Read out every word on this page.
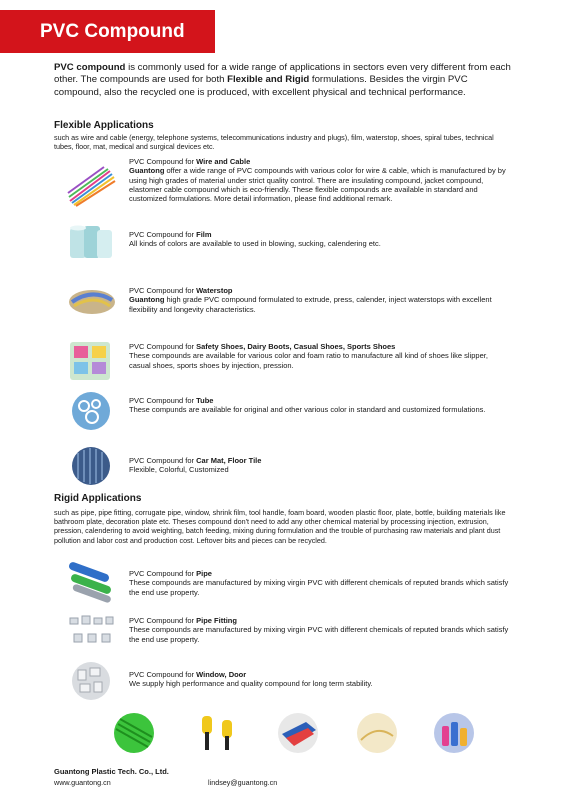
PVC Compound
PVC compound is commonly used for a wide range of applications in sectors even very different from each other. The compounds are used for both Flexible and Rigid formulations. Besides the virgin PVC compound, also the recycled one is produced, with excellent physical and technical performance.
Flexible Applications
such as wire and cable (energy, telephone systems, telecommunications industry and plugs), film, waterstop, shoes, spiral tubes, technical tubes, floor, mat, medical and surgical devices etc.
PVC Compound for Wire and Cable
Guantong offer a wide range of PVC compounds with various color for wire & cable, which is manufactured by by using high grades of material under strict quality control. There are insulating compound, jacket compound, elastomer cable compound which is eco-friendly. These flexible compounds are available in standard and customized formulations. More detail information, please find additional remark.
PVC Compound for Film
All kinds of colors are available to used in blowing, sucking, calendering etc.
PVC Compound for Waterstop
Guantong high grade PVC compound formulated to extrude, press, calender, inject waterstops with excellent flexibility and longevity characteristics.
PVC Compound for Safety Shoes, Dairy Boots, Casual Shoes, Sports Shoes
These compounds are available for various color and foam ratio to manufacture all kind of shoes like slipper, casual shoes, sports shoes by injection, pression.
PVC Compound for Tube
These compunds are available for original and other various color in standard and customized formulations.
PVC Compound for Car Mat, Floor Tile
Flexible, Colorful, Customized
Rigid Applications
such as pipe, pipe fitting, corrugate pipe, window, shrink film, tool handle, foam board, wooden plastic floor, plate, bottle, building materials like bathroom plate, decoration plate etc. Theses compound don't need to add any other chemical material by processing injection, extrusion, pression, calendering to avoid weighting, batch feeding, mixing during formulation and the trouble of purchasing raw materials and plant dust pollution and labor cost and production cost. Leftover bits and pieces can be recycled.
PVC Compound for Pipe
These compounds are manufactured by mixing virgin PVC with different chemicals of reputed brands which satisfy the end use property.
PVC Compound for Pipe Fitting
These compounds are manufactured by mixing virgin PVC with different chemicals of reputed brands which satisfy the end use property.
PVC Compound for Window, Door
We supply high performance and quality compound for long term stability.
Guantong Plastic Tech. Co., Ltd.
www.guantong.cn	lindsey@guantong.cn
